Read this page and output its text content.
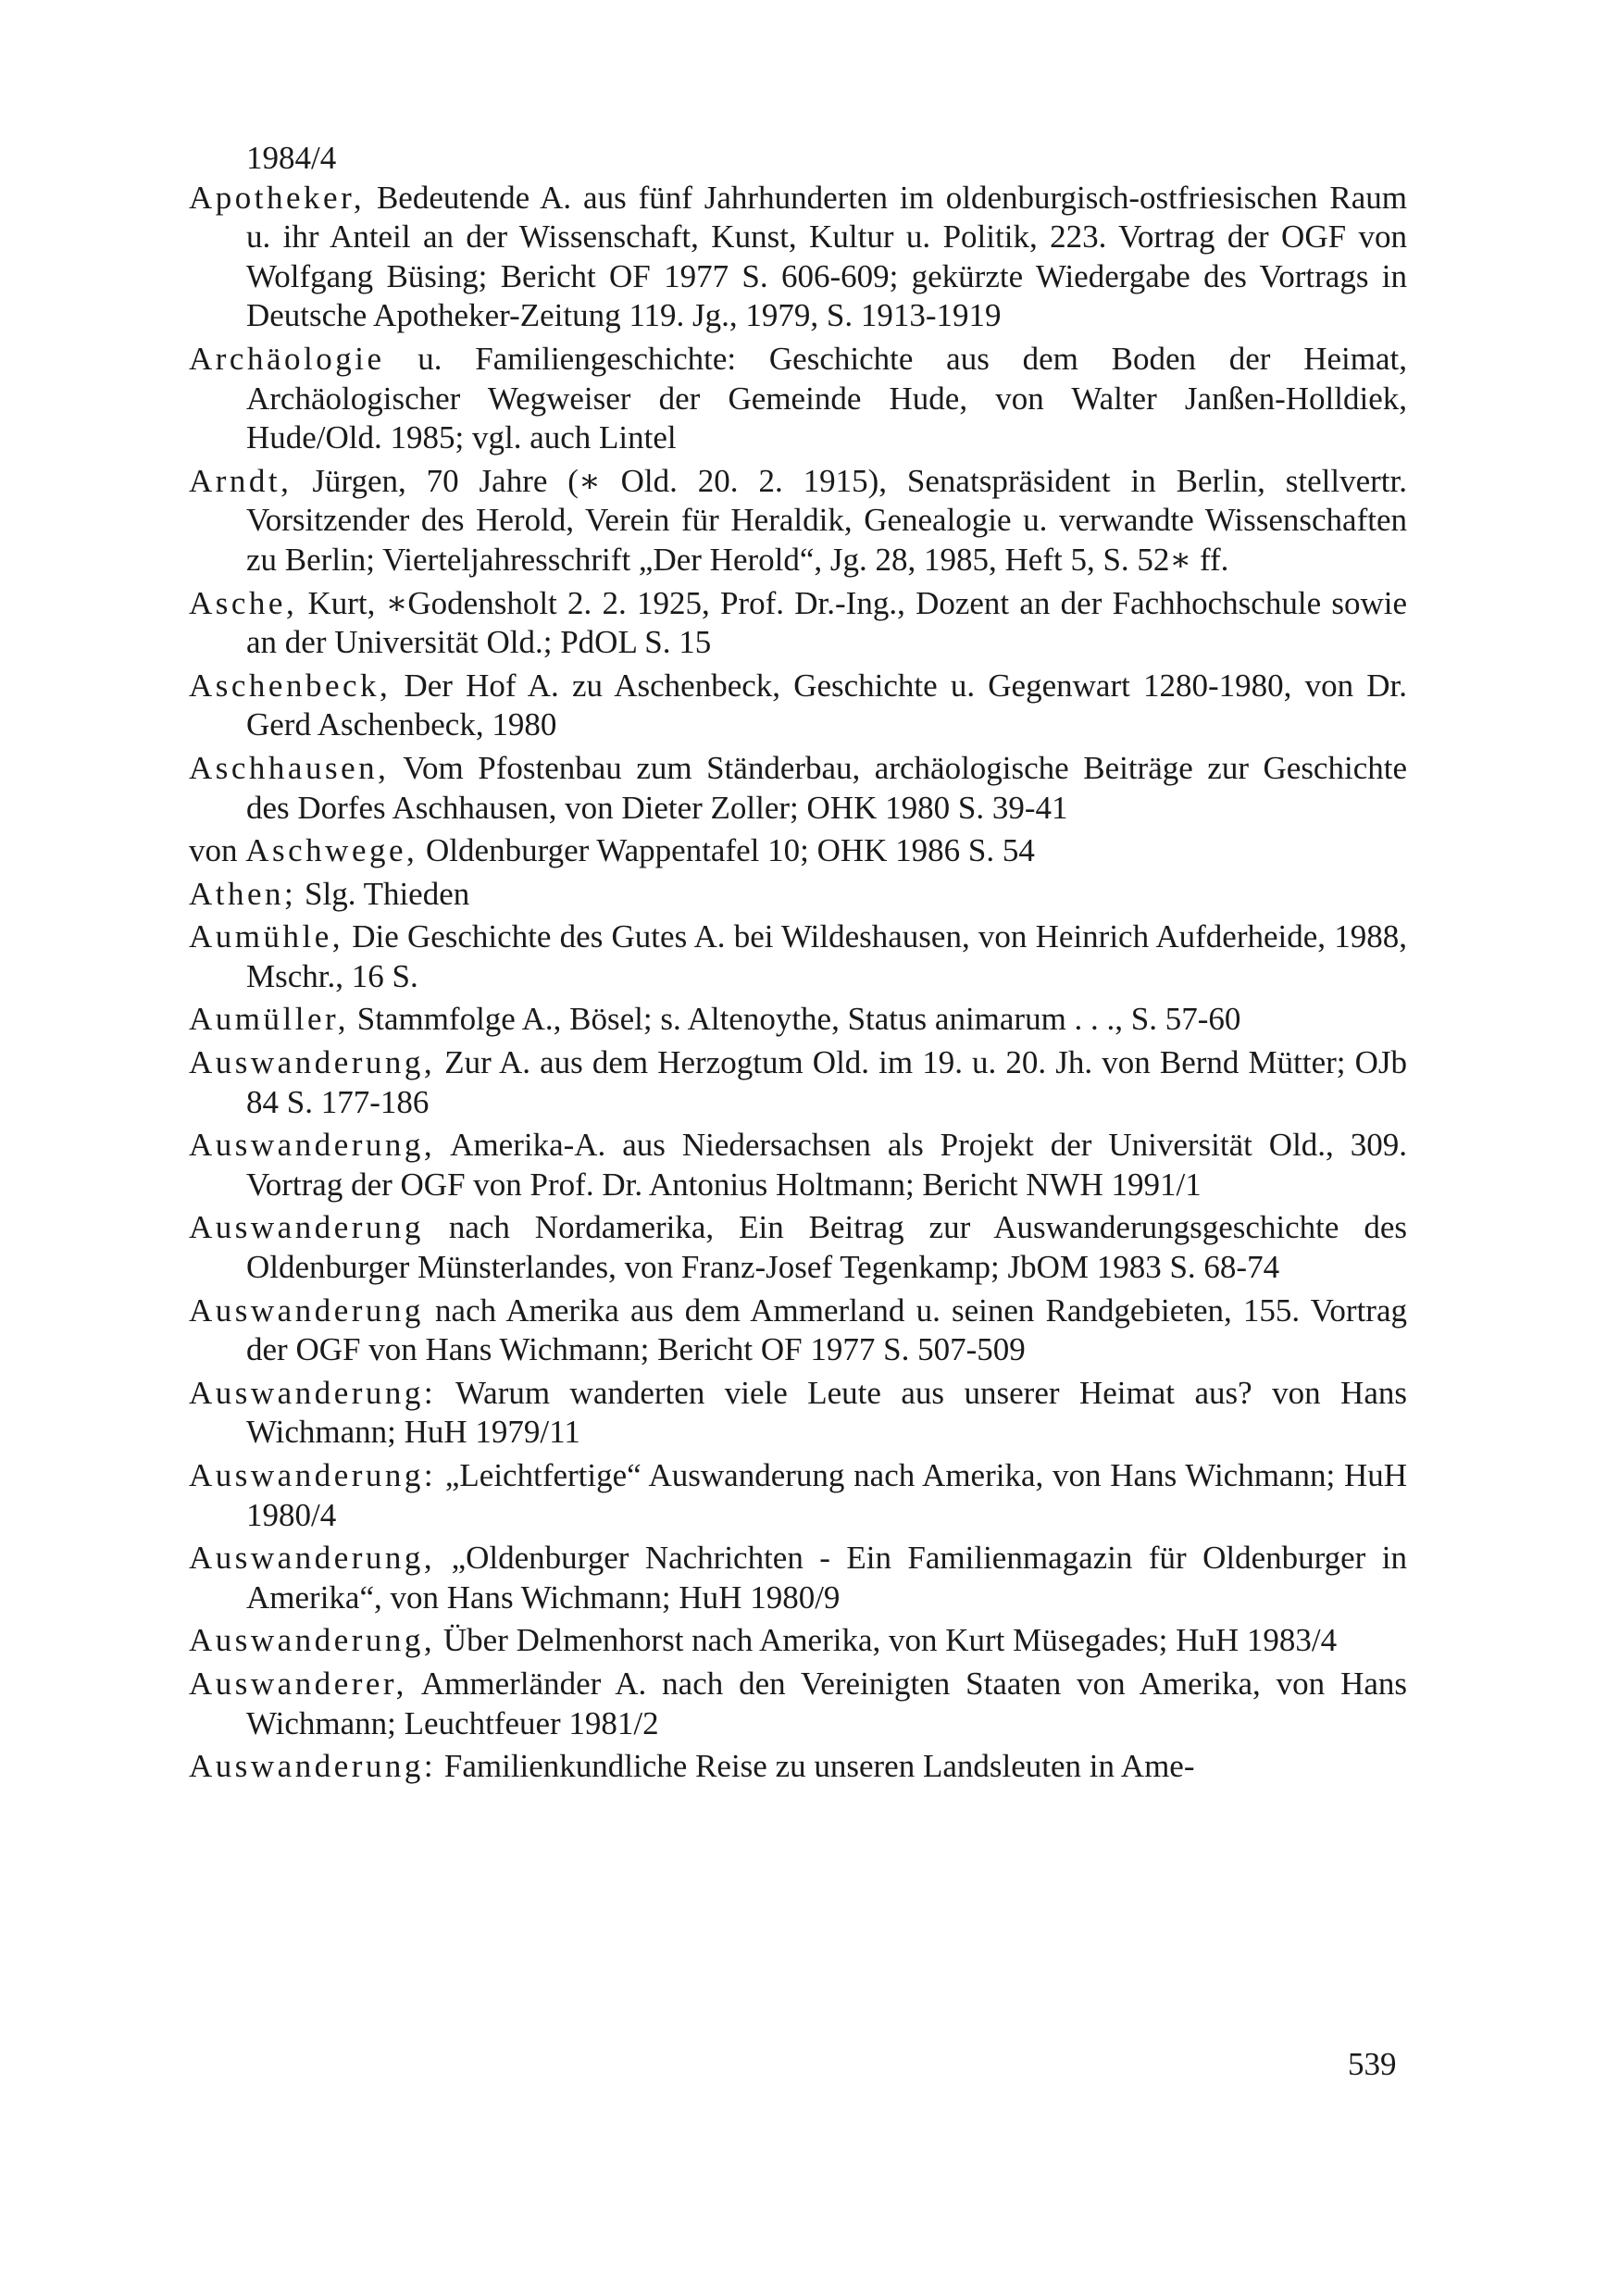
1984/4

Apotheker, Bedeutende A. aus fünf Jahrhunderten im oldenburgisch-ostfriesischen Raum u. ihr Anteil an der Wissenschaft, Kunst, Kultur u. Politik, 223. Vortrag der OGF von Wolfgang Büsing; Bericht OF 1977 S. 606-609; gekürzte Wiedergabe des Vortrags in Deutsche Apotheker-Zeitung 119. Jg., 1979, S. 1913-1919

Archäologie u. Familiengeschichte: Geschichte aus dem Boden der Heimat, Archäologischer Wegweiser der Gemeinde Hude, von Walter Janßen-Holldiek, Hude/Old. 1985; vgl. auch Lintel

Arndt, Jürgen, 70 Jahre (∗ Old. 20. 2. 1915), Senatspräsident in Berlin, stellvertr. Vorsitzender des Herold, Verein für Heraldik, Genealogie u. verwandte Wissenschaften zu Berlin; Vierteljahresschrift „Der Herold“, Jg. 28, 1985, Heft 5, S. 52∗ ff.

Asche, Kurt, ∗Godensholt 2. 2. 1925, Prof. Dr.-Ing., Dozent an der Fachhochschule sowie an der Universität Old.; PdOL S. 15

Aschenbeck, Der Hof A. zu Aschenbeck, Geschichte u. Gegenwart 1280-1980, von Dr. Gerd Aschenbeck, 1980

Aschhausen, Vom Pfostenbau zum Ständerbau, archäologische Beiträge zur Geschichte des Dorfes Aschhausen, von Dieter Zoller; OHK 1980 S. 39-41

von Aschwege, Oldenburger Wappentafel 10; OHK 1986 S. 54

Athen; Slg. Thieden

Aumühle, Die Geschichte des Gutes A. bei Wildeshausen, von Heinrich Aufderheide, 1988, Mschr., 16 S.

Aumüller, Stammfolge A., Bösel; s. Altenoythe, Status animarum . . ., S. 57-60

Auswanderung, Zur A. aus dem Herzogtum Old. im 19. u. 20. Jh. von Bernd Mütter; OJb 84 S. 177-186

Auswanderung, Amerika-A. aus Niedersachsen als Projekt der Universität Old., 309. Vortrag der OGF von Prof. Dr. Antonius Holtmann; Bericht NWH 1991/1

Auswanderung nach Nordamerika, Ein Beitrag zur Auswanderungsgeschichte des Oldenburger Münsterlandes, von Franz-Josef Tegenkamp; JbOM 1983 S. 68-74

Auswanderung nach Amerika aus dem Ammerland u. seinen Randgebieten, 155. Vortrag der OGF von Hans Wichmann; Bericht OF 1977 S. 507-509

Auswanderung: Warum wanderten viele Leute aus unserer Heimat aus? von Hans Wichmann; HuH 1979/11

Auswanderung: „Leichtfertige“ Auswanderung nach Amerika, von Hans Wichmann; HuH 1980/4

Auswanderung, „Oldenburger Nachrichten - Ein Familienmagazin für Oldenburger in Amerika“, von Hans Wichmann; HuH 1980/9

Auswanderung, Über Delmenhorst nach Amerika, von Kurt Müsegades; HuH 1983/4

Auswanderer, Ammerländer A. nach den Vereinigten Staaten von Amerika, von Hans Wichmann; Leuchtfeuer 1981/2

Auswanderung: Familienkundliche Reise zu unseren Landsleuten in Ame-

539
